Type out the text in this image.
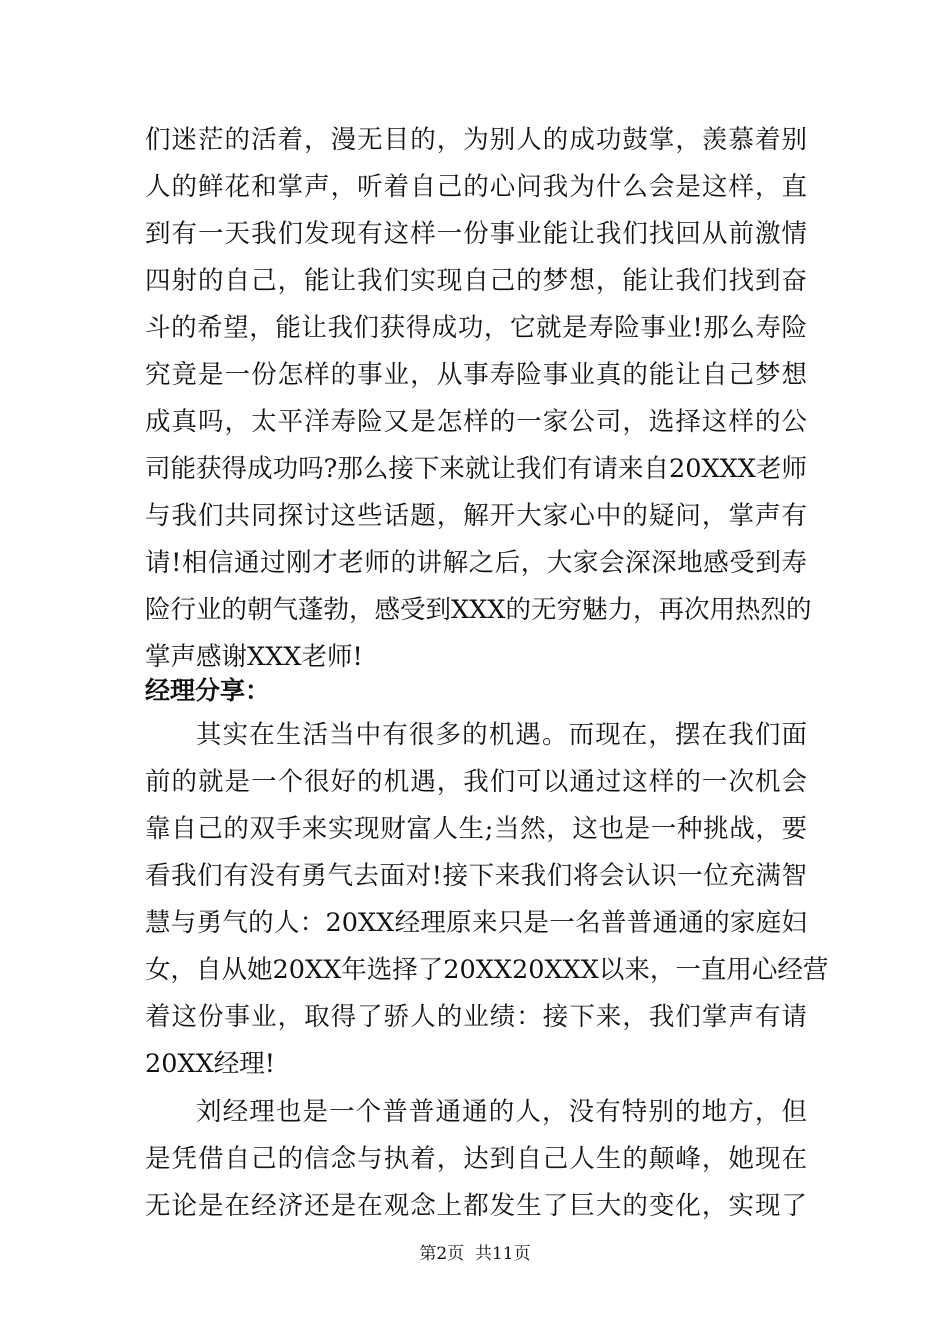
们迷茫的活着，漫无目的，为别人的成功鼓掌，羡慕着别
人的鲜花和掌声，听着自己的心问我为什么会是这样，直
到有一天我们发现有这样一份事业能让我们找回从前激情
四射的自己，能让我们实现自己的梦想，能让我们找到奋
斗的希望，能让我们获得成功，它就是寿险事业!那么寿险
究竟是一份怎样的事业，从事寿险事业真的能让自己梦想
成真吗，太平洋寿险又是怎样的一家公司，选择这样的公
司能获得成功吗?那么接下来就让我们有请来自20XXX老师
与我们共同探讨这些话题，解开大家心中的疑问，掌声有
请!相信通过刚才老师的讲解之后，大家会深深地感受到寿
险行业的朝气蓬勃，感受到XXX的无穷魅力，再次用热烈的
掌声感谢XXX老师!
经理分享：
其实在生活当中有很多的机遇。而现在，摆在我们面
前的就是一个很好的机遇，我们可以通过这样的一次机会
靠自己的双手来实现财富人生;当然，这也是一种挑战，要
看我们有没有勇气去面对!接下来我们将会认识一位充满智
慧与勇气的人：20XX经理原来只是一名普普通通的家庭妇
女，自从她20XX年选择了20XX20XXX以来，一直用心经营
着这份事业，取得了骄人的业绩：接下来，我们掌声有请
20XX经理!
刘经理也是一个普普通通的人，没有特别的地方，但
是凭借自己的信念与执着，达到自己人生的颠峰，她现在
无论是在经济还是在观念上都发生了巨大的变化，实现了
第2页  共11页
